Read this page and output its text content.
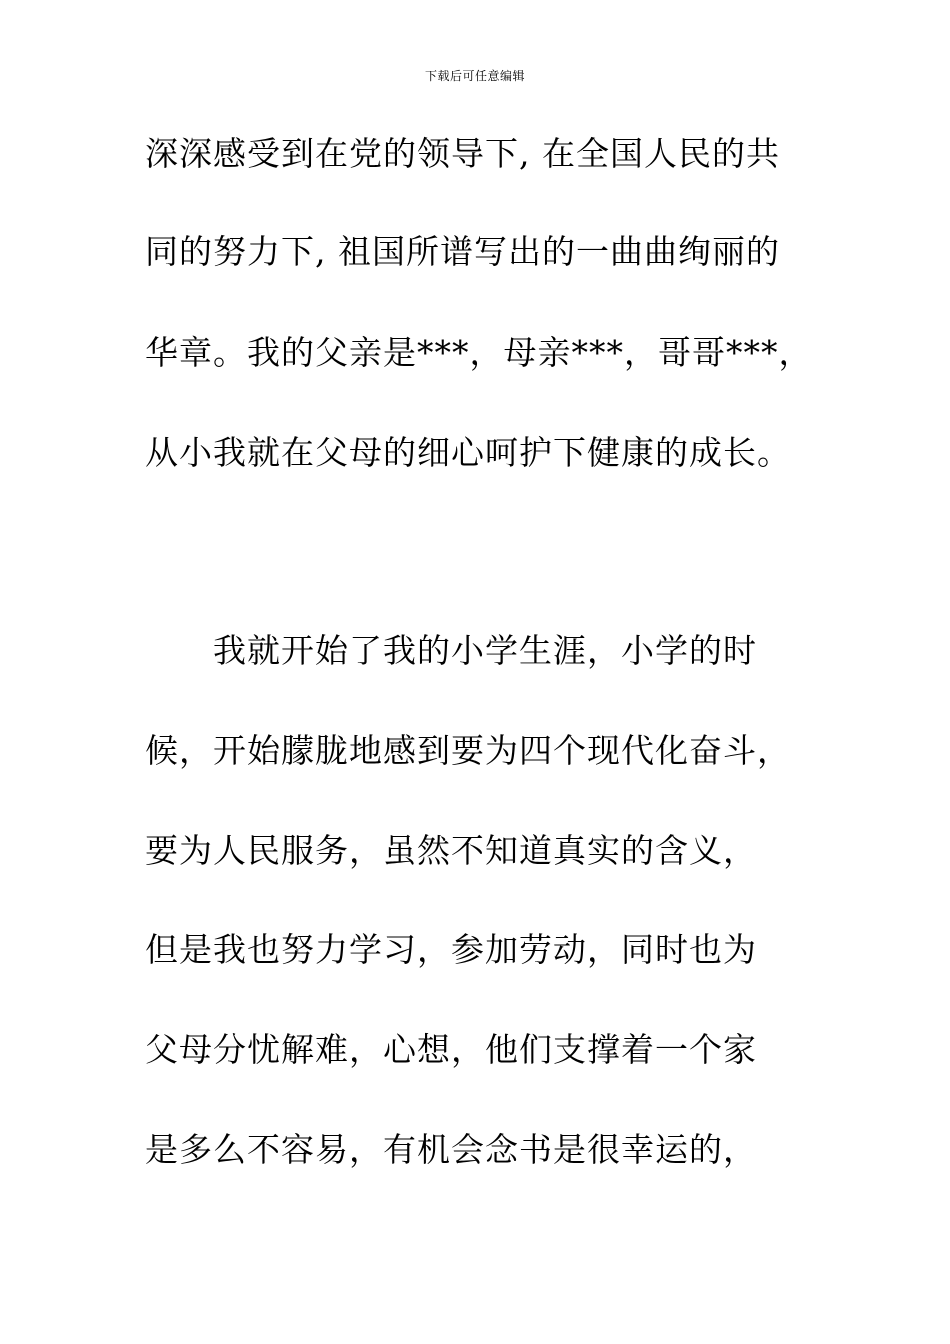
下载后可任意编辑
深深感受到在党的领导下, 在全国人民的共
同的努力下, 祖国所谱写出的一曲曲绚丽的
华章。我的父亲是***，母亲***，哥哥***，
从小我就在父母的细心呵护下健康的成长。
我就开始了我的小学生涯，小学的时
候，开始朦胧地感到要为四个现代化奋斗，
要为人民服务，虽然不知道真实的含义，
但是我也努力学习，参加劳动，同时也为
父母分忧解难，心想，他们支撑着一个家
是多么不容易，有机会念书是很幸运的，
